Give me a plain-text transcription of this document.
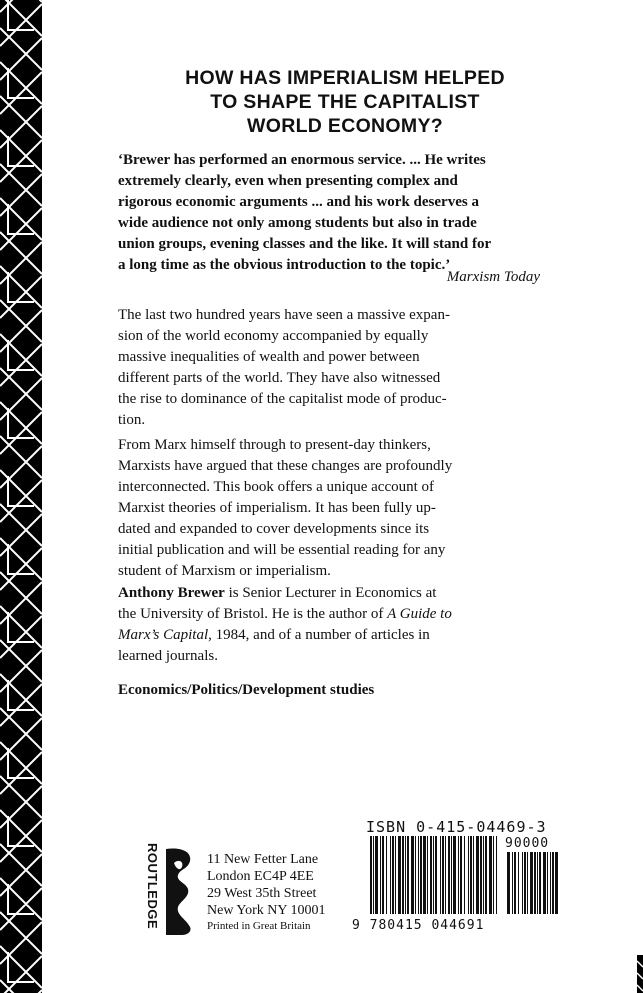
HOW HAS IMPERIALISM HELPED
TO SHAPE THE CAPITALIST
WORLD ECONOMY?
‘Brewer has performed an enormous service. ... He writes
extremely clearly, even when presenting complex and
rigorous economic arguments ... and his work deserves a
wide audience not only among students but also in trade
union groups, evening classes and the like. It will stand for
a long time as the obvious introduction to the topic.’
Marxism Today
The last two hundred years have seen a massive expan-
sion of the world economy accompanied by equally
massive inequalities of wealth and power between
different parts of the world. They have also witnessed
the rise to dominance of the capitalist mode of produc-
tion.
From Marx himself through to present-day thinkers,
Marxists have argued that these changes are profoundly
interconnected. This book offers a unique account of
Marxist theories of imperialism. It has been fully up-
dated and expanded to cover developments since its
initial publication and will be essential reading for any
student of Marxism or imperialism.
Anthony Brewer is Senior Lecturer in Economics at
the University of Bristol. He is the author of A Guide to
Marx’s Capital, 1984, and of a number of articles in
learned journals.
Economics/Politics/Development studies
ROUTLEDGE	11 New Fetter Lane
London EC4P 4EE
29 West 35th Street
New York NY 10001
Printed in Great Britain
ISBN 0-415-04469-3
90000
9 780415 044691
